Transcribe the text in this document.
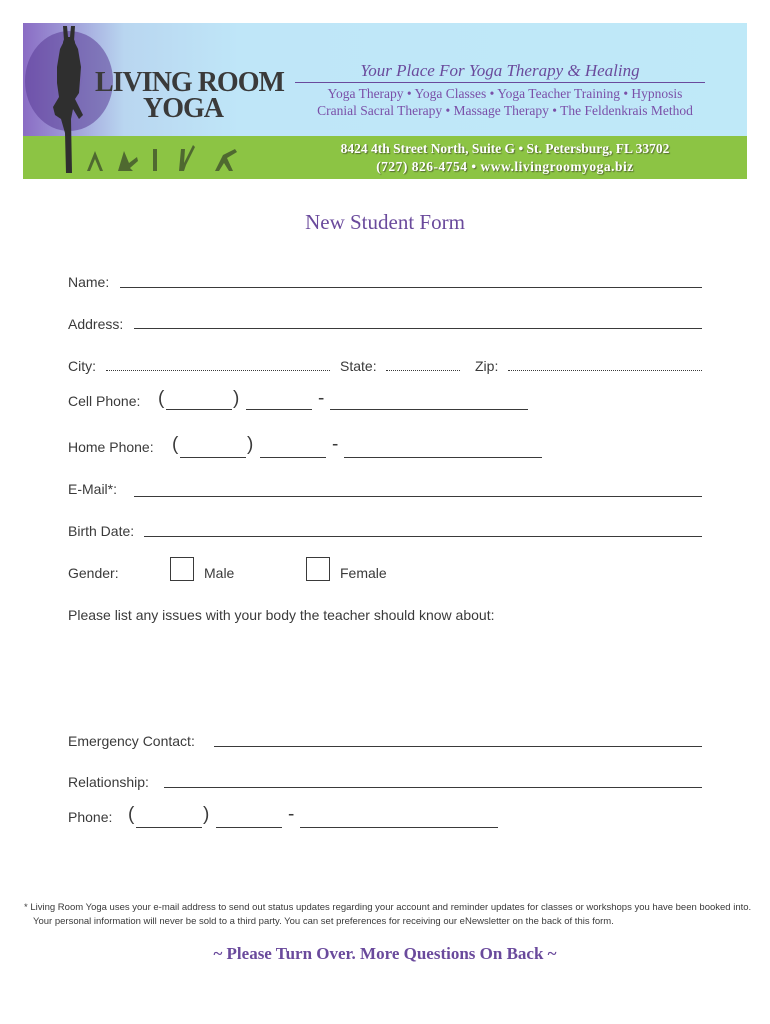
LIVING ROOM
YOGA
Your Place For Yoga Therapy & Healing
Yoga Therapy • Yoga Classes • Yoga Teacher Training • Hypnosis
Cranial Sacral Therapy • Massage Therapy • The Feldenkrais Method
8424 4th Street North, Suite G • St. Petersburg, FL 33702
(727) 826-4754 • www.livingroomyoga.biz
New Student Form
Name:
Address:
City:	State:	Zip:
Cell Phone: (	)	-
Home Phone: (	)	-
E-Mail*:
Birth Date:
Gender:	Male	Female
Please list any issues with your body the teacher should know about:
Emergency Contact:
Relationship:
Phone: (	)	-
* Living Room Yoga uses your e-mail address to send out status updates regarding your account and reminder updates for classes or workshops you have been booked into.
Your personal information will never be sold to a third party. You can set preferences for receiving our eNewsletter on the back of this form.
~ Please Turn Over. More Questions On Back ~
